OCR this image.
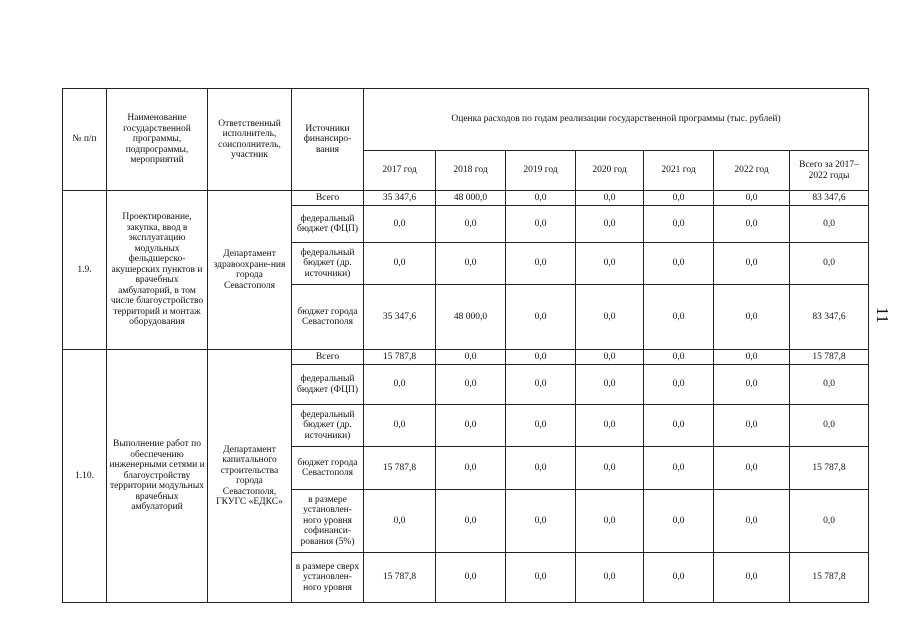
№ п/п	Наименование государственной программы, подпрограммы, мероприятий	Ответственный исполнитель, соисполнитель, участник	Источники финансиро-вания	Оценка расходов по годам реализации государственной программы (тыс. рублей)						
				2017 год	2018 год	2019 год	2020 год	2021 год	2022 год	Всего за 2017–2022 годы
1.9.	Проектирование, закупка, ввод в эксплуатацию модульных фельдшерско-акушерских пунктов и врачебных амбулаторий, в том числе благоустройство территорий и монтаж оборудования	Департамент здравоохране-ния города Севастополя	Всего	35 347,6	48 000,0	0,0	0,0	0,0	0,0	83 347,6
			федеральный бюджет (ФЦП)	0,0	0,0	0,0	0,0	0,0	0,0	0,0
			федеральный бюджет (др. источники)	0,0	0,0	0,0	0,0	0,0	0,0	0,0
			бюджет города Севастополя	35 347,6	48 000,0	0,0	0,0	0,0	0,0	83 347,6
1.10.	Выполнение работ по обеспечению инженерными сетями и благоустройству территории модульных врачебных амбулаторий	Департамент капитального строительства города Севастополя, ГКУГС «ЕДКС»	Всего	15 787,8	0,0	0,0	0,0	0,0	0,0	15 787,8
			федеральный бюджет (ФЦП)	0,0	0,0	0,0	0,0	0,0	0,0	0,0
			федеральный бюджет (др. источники)	0,0	0,0	0,0	0,0	0,0	0,0	0,0
			бюджет города Севастополя	15 787,8	0,0	0,0	0,0	0,0	0,0	15 787,8
			в размере установлен-ного уровня софинанси-рования (5%)	0,0	0,0	0,0	0,0	0,0	0,0	0,0
			в размере сверх установлен-ного уровня	15 787,8	0,0	0,0	0,0	0,0	0,0	15 787,8
11
